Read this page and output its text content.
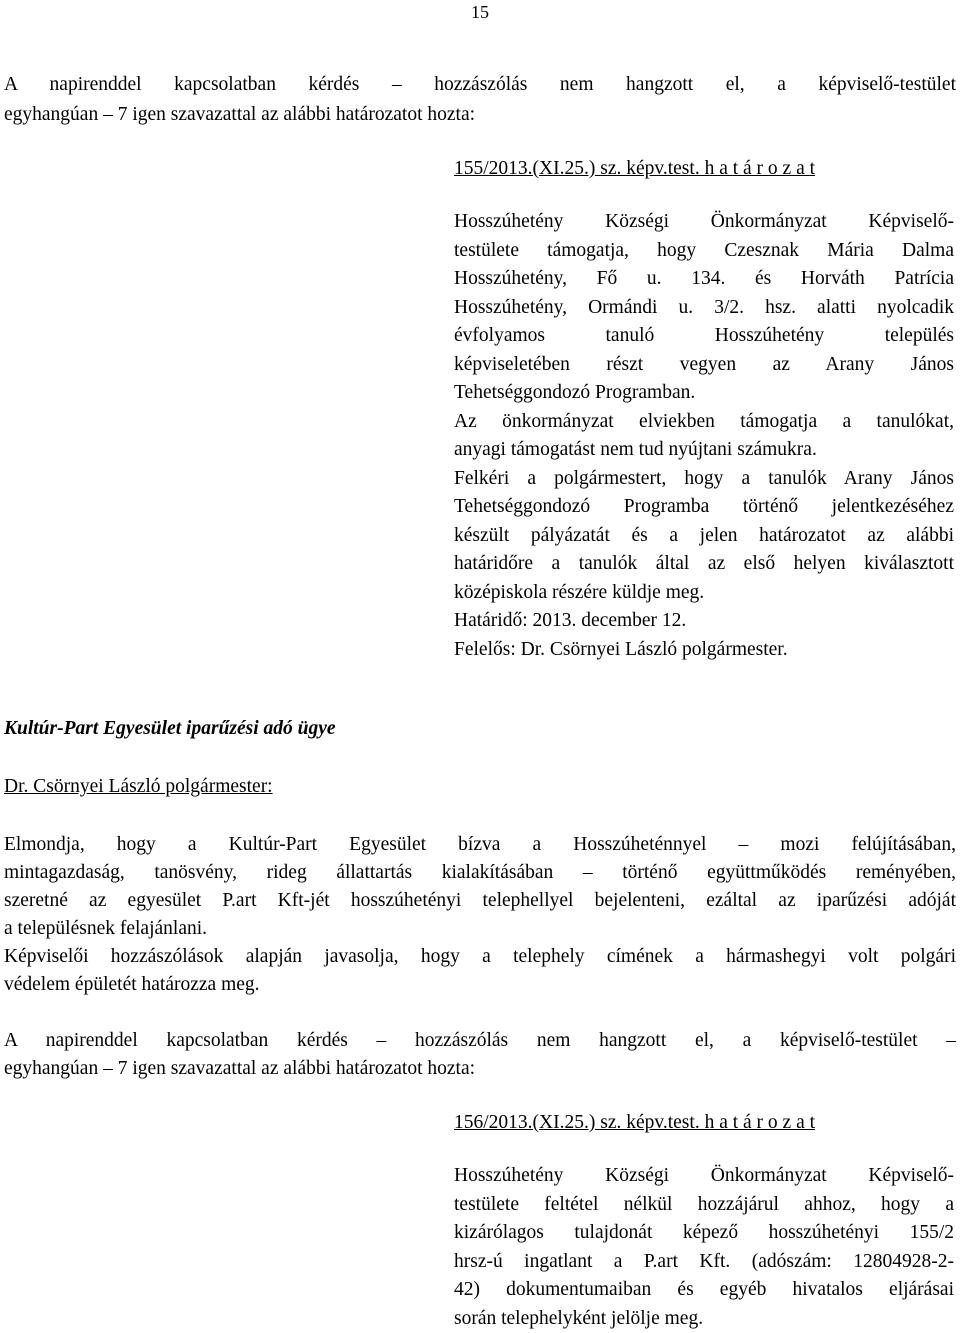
15

A napirenddel kapcsolatban kérdés – hozzászólás nem hangzott el, a képviselő-testület

egyhangúan – 7 igen szavazattal az alábbi határozatot hozta:

155/2013.(XI.25.) sz. képv.test. h a t á r o z a t

Hosszúhetény Községi Önkormányzat Képviselő-

testülete támogatja, hogy Czesznak Mária Dalma

Hosszúhetény, Fő u. 134. és Horváth Patrícia

Hosszúhetény, Ormándi u. 3/2. hsz. alatti nyolcadik

évfolyamos tanuló Hosszúhetény település

képviseletében részt vegyen az Arany János

Tehetséggondozó Programban.

Az önkormányzat elviekben támogatja a tanulókat,

anyagi támogatást nem tud nyújtani számukra.

Felkéri a polgármestert, hogy a tanulók Arany János

Tehetséggondozó Programba történő jelentkezéséhez

készült pályázatát és a jelen határozatot az alábbi

határidőre a tanulók által az első helyen kiválasztott

középiskola részére küldje meg.

Határidő: 2013. december 12.

Felelős: Dr. Csörnyei László polgármester.

Kultúr-Part Egyesület iparűzési adó ügye

Dr. Csörnyei László polgármester:

Elmondja, hogy a Kultúr-Part Egyesület bízva a Hosszúheténnyel – mozi felújításában,

mintagazdaság, tanösvény, rideg állattartás kialakításában – történő együttműködés reményében,

szeretné az egyesület P.art Kft-jét hosszúhetényi telephellyel bejelenteni, ezáltal az iparűzési adóját

a településnek felajánlani.

Képviselői hozzászólások alapján javasolja, hogy a telephely címének a hármashegyi volt polgári

védelem épületét határozza meg.

A napirenddel kapcsolatban kérdés – hozzászólás nem hangzott el, a képviselő-testület –

egyhangúan – 7 igen szavazattal az alábbi határozatot hozta:

156/2013.(XI.25.) sz. képv.test. h a t á r o z a t

Hosszúhetény Községi Önkormányzat Képviselő-

testülete feltétel nélkül hozzájárul ahhoz, hogy a

kizárólagos tulajdonát képező hosszúhetényi 155/2

hrsz-ú ingatlant a P.art Kft. (adószám: 12804928-2-

42) dokumentumaiban és egyéb hivatalos eljárásai

során telephelyként jelölje meg.
